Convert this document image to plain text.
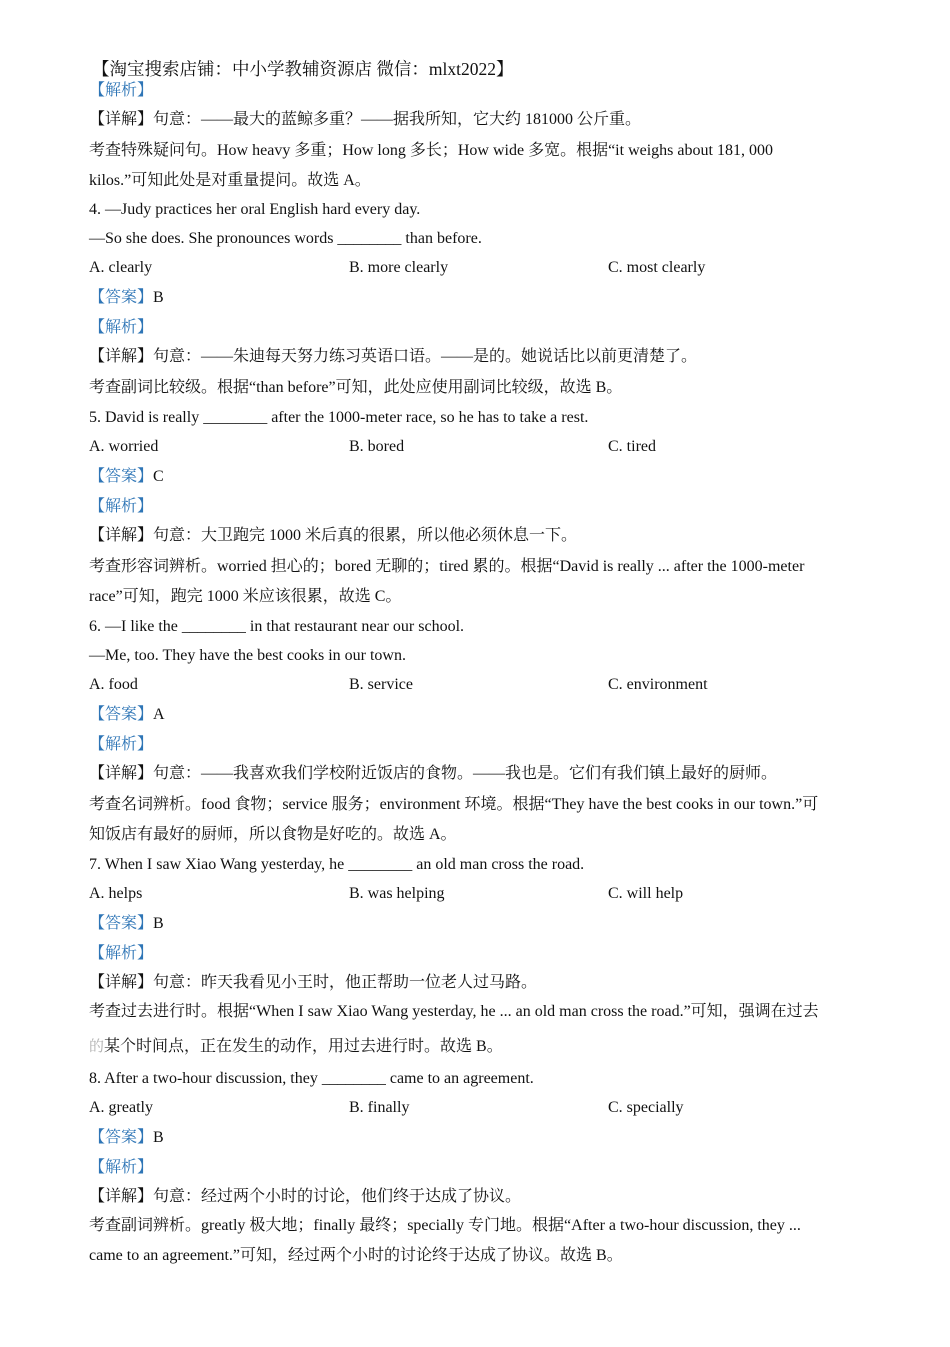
【淘宝搜索店铺：中小学教辅资源店 微信：mlxt2022】
【解析】
【详解】句意：——最大的蓝鲸多重？——据我所知，它大约 181000 公斤重。
考查特殊疑问句。How heavy 多重；How long 多长；How wide 多宽。根据“it weighs about 181, 000
kilos.”可知此处是对重量提问。故选 A。
4. —Judy practices her oral English hard every day.
—So she does. She pronounces words ________ than before.
A. clearly	B. more clearly	C. most clearly
【答案】B
【解析】
【详解】句意：——朱迪每天努力练习英语口语。——是的。她说话比以前更清楚了。
考查副词比较级。根据“than before”可知，此处应使用副词比较级，故选 B。
5. David is really ________ after the 1000-meter race, so he has to take a rest.
A. worried	B. bored	C. tired
【答案】C
【解析】
【详解】句意：大卫跑完 1000 米后真的很累，所以他必须休息一下。
考查形容词辨析。worried 担心的；bored 无聊的；tired 累的。根据“David is really ... after the 1000-meter
race”可知，跑完 1000 米应该很累，故选 C。
6. —I like the ________ in that restaurant near our school.
—Me, too. They have the best cooks in our town.
A. food	B. service	C. environment
【答案】A
【解析】
【详解】句意：——我喜欢我们学校附近饭店的食物。——我也是。它们有我们镇上最好的厨师。
考查名词辨析。food 食物；service 服务；environment 环境。根据“They have the best cooks in our town.”可
知饭店有最好的厨师，所以食物是好吃的。故选 A。
7. When I saw Xiao Wang yesterday, he ________ an old man cross the road.
A. helps	B. was helping	C. will help
【答案】B
【解析】
【详解】句意：昨天我看见小王时，他正帮助一位老人过马路。
考查过去进行时。根据“When I saw Xiao Wang yesterday, he ... an old man cross the road.”可知，强调在过去
的某个时间点，正在发生的动作，用过去进行时。故选 B。
8. After a two-hour discussion, they ________ came to an agreement.
A. greatly	B. finally	C. specially
【答案】B
【解析】
【详解】句意：经过两个小时的讨论，他们终于达成了协议。
考查副词辨析。greatly 极大地；finally 最终；specially 专门地。根据“After a two-hour discussion, they ...
came to an agreement.”可知，经过两个小时的讨论终于达成了协议。故选 B。
